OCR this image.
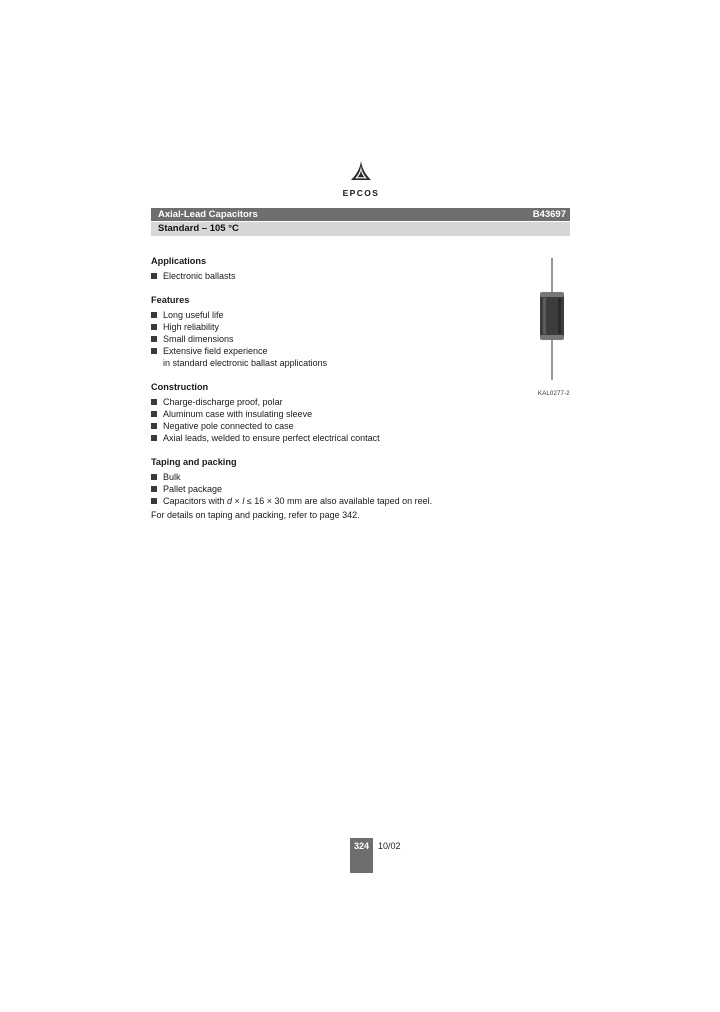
EPCOS
Axial-Lead Capacitors	B43697
Standard – 105 °C
Applications
Electronic ballasts
Features
Long useful life
High reliability
Small dimensions
Extensive field experience
in standard electronic ballast applications
Construction
Charge-discharge proof, polar
Aluminum case with insulating sleeve
Negative pole connected to case
Axial leads, welded to ensure perfect electrical contact
Taping and packing
Bulk
Pallet package
Capacitors with d × l ≤ 16 × 30 mm are also available taped on reel.
For details on taping and packing, refer to page 342.
KAL0277-2
324 10/02
